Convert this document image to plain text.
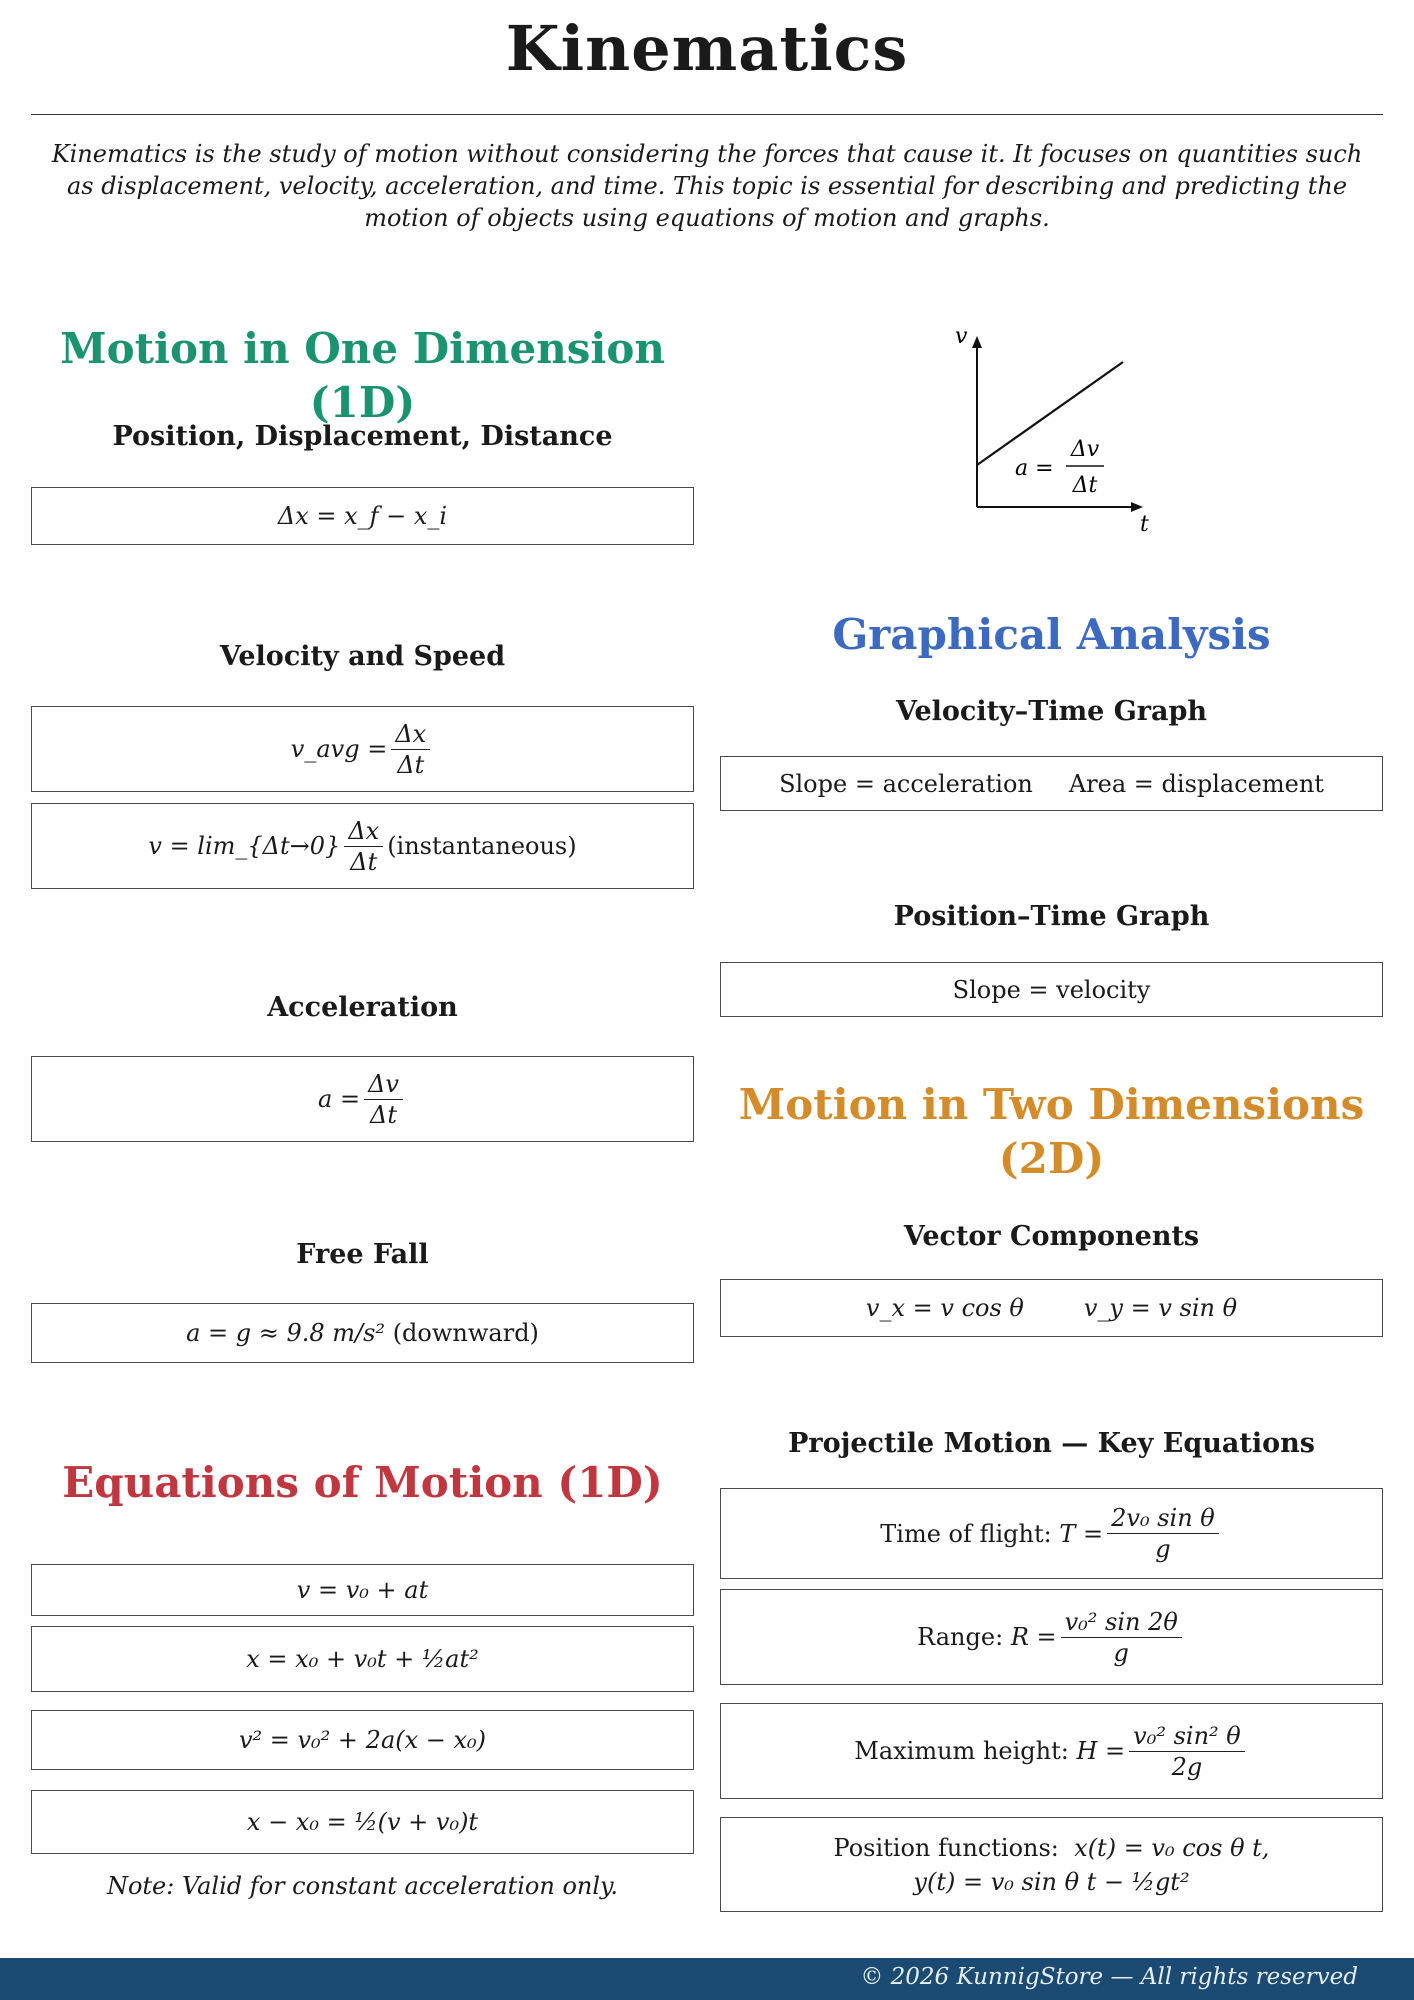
Kinematics
Kinematics is the study of motion without considering the forces that cause it. It focuses on quantities such as displacement, velocity, acceleration, and time. This topic is essential for describing and predicting the motion of objects using equations of motion and graphs.
Motion in One Dimension (1D)
Position, Displacement, Distance
Δx = x_f − x_i
Velocity and Speed
v_avg = $\frac{\Delta x}{\Delta t}$
v = lim_{Δt→0} $\frac{\Delta x}{\Delta t}$ (instantaneous)
Acceleration
$a = \frac{\Delta v}{\Delta t}$
Free Fall
a = g ≈ 9.8 m/s²
(downward)
Equations of Motion (1D)
v = v₀ + at
x = x₀ + v₀t + ½at²
v² = v₀² + 2a(x − x₀)
x − x₀ = ½(v + v₀)t
Note: Valid for constant acceleration only.
v
t
a =
Δv
Δt
Graphical Analysis
Velocity–Time Graph
Slope = acceleration Area = displacement
Position–Time Graph
Slope = velocity
Motion in Two Dimensions (2D)
Vector Components
v_x = v cos θ	v_y = v sin θ
Projectile Motion — Key Equations
Time of flight:
$T = \frac{\text{2v₀ sin θ}}{g}$
Range:
$R = \frac{\text{v₀² sin 2θ}}{g}$
Maximum height:
$H = \frac{\text{v₀² sin² θ}}{2g}$
Position functions: x(t) = v₀ cos θ t,
y(t) = v₀ sin θ t − ½gt²
© 2026 KunnigStore — All rights reserved
